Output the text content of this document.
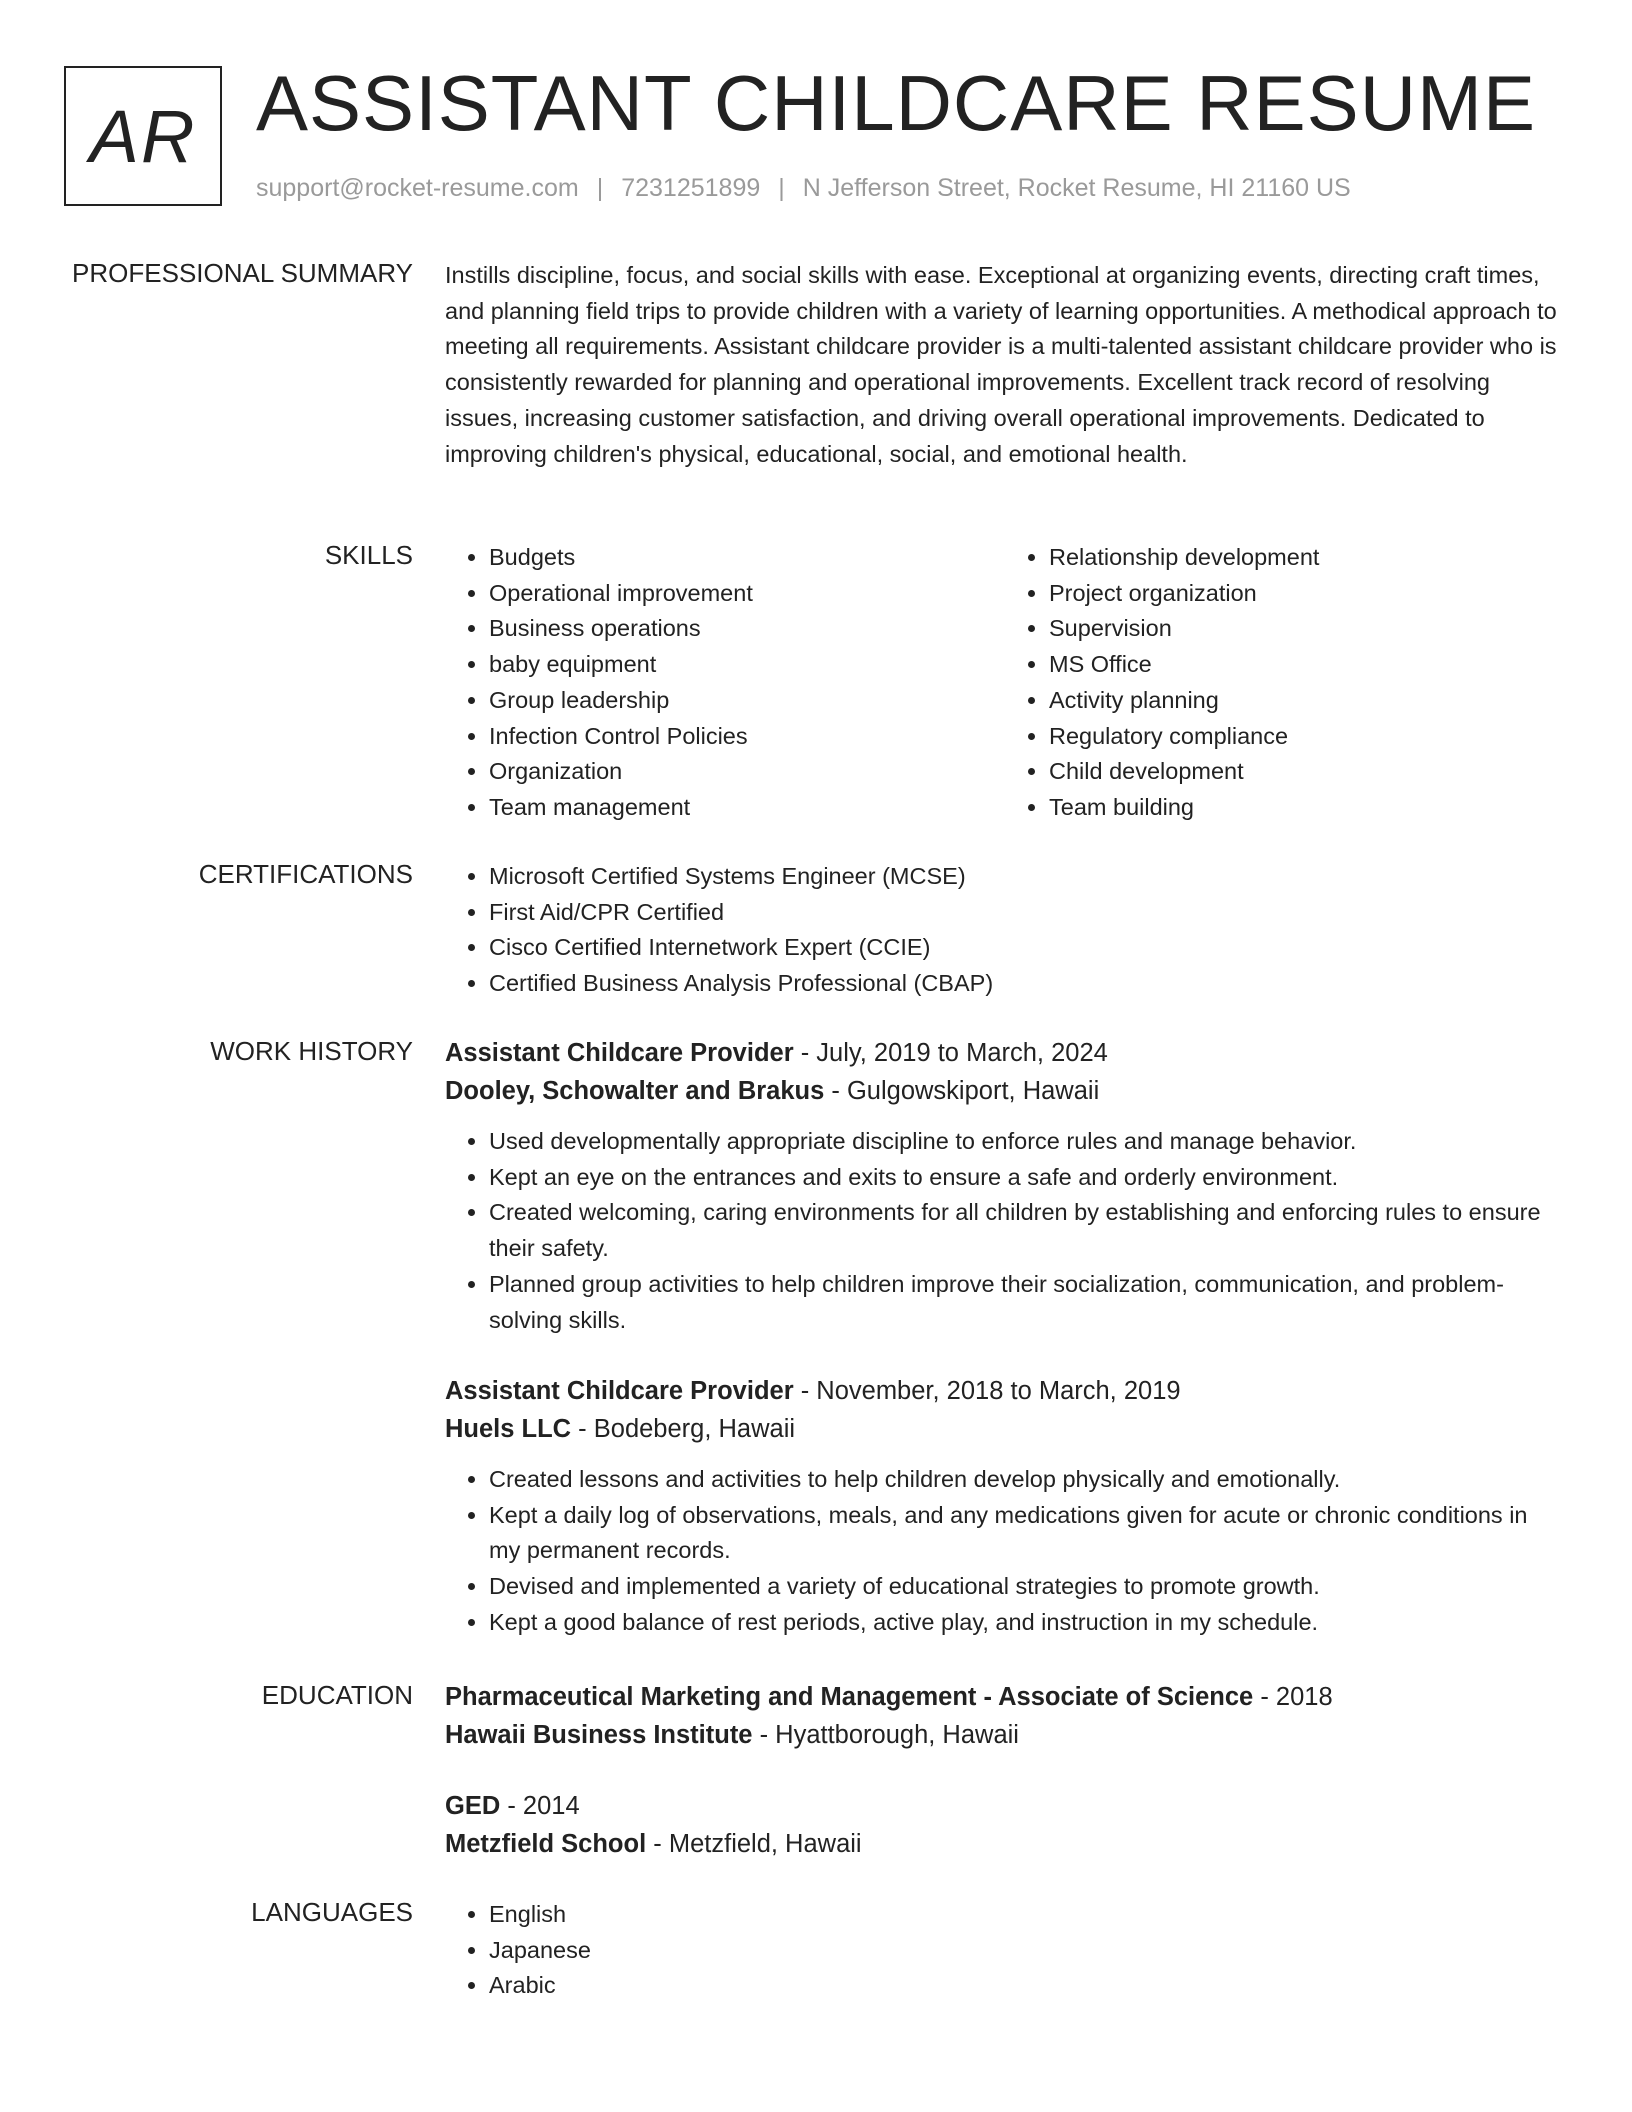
AR ASSISTANT CHILDCARE RESUME
support@rocket-resume.com | 7231251899 | N Jefferson Street, Rocket Resume, HI 21160 US
PROFESSIONAL SUMMARY Instills discipline, focus, and social skills with ease. Exceptional at organizing events, directing craft times, and planning field trips to provide children with a variety of learning opportunities. A methodical approach to meeting all requirements. Assistant childcare provider is a multi-talented assistant childcare provider who is consistently rewarded for planning and operational improvements. Excellent track record of resolving issues, increasing customer satisfaction, and driving overall operational improvements. Dedicated to improving children's physical, educational, social, and emotional health.
SKILLS	• Budgets
• Operational improvement
• Business operations
• baby equipment
• Group leadership
• Infection Control Policies
• Organization
• Team management
• Relationship development
• Project organization
• Supervision
• MS Office
• Activity planning
• Regulatory compliance
• Child development
• Team building
CERTIFICATIONS	• Microsoft Certified Systems Engineer (MCSE)
• First Aid/CPR Certified
• Cisco Certified Internetwork Expert (CCIE)
• Certified Business Analysis Professional (CBAP)
WORK HISTORY Assistant Childcare Provider - July, 2019 to March, 2024
Dooley, Schowalter and Brakus - Gulgowskiport, Hawaii
• Used developmentally appropriate discipline to enforce rules and manage behavior.
• Kept an eye on the entrances and exits to ensure a safe and orderly environment.
• Created welcoming, caring environments for all children by establishing and enforcing rules to ensure their safety.
• Planned group activities to help children improve their socialization, communication, and problem-solving skills.
Assistant Childcare Provider - November, 2018 to March, 2019
Huels LLC - Bodeberg, Hawaii
• Created lessons and activities to help children develop physically and emotionally.
• Kept a daily log of observations, meals, and any medications given for acute or chronic conditions in my permanent records.
• Devised and implemented a variety of educational strategies to promote growth.
• Kept a good balance of rest periods, active play, and instruction in my schedule.
EDUCATION Pharmaceutical Marketing and Management - Associate of Science - 2018
Hawaii Business Institute - Hyattborough, Hawaii
GED - 2014
Metzfield School - Metzfield, Hawaii
LANGUAGES	• English
• Japanese
• Arabic
